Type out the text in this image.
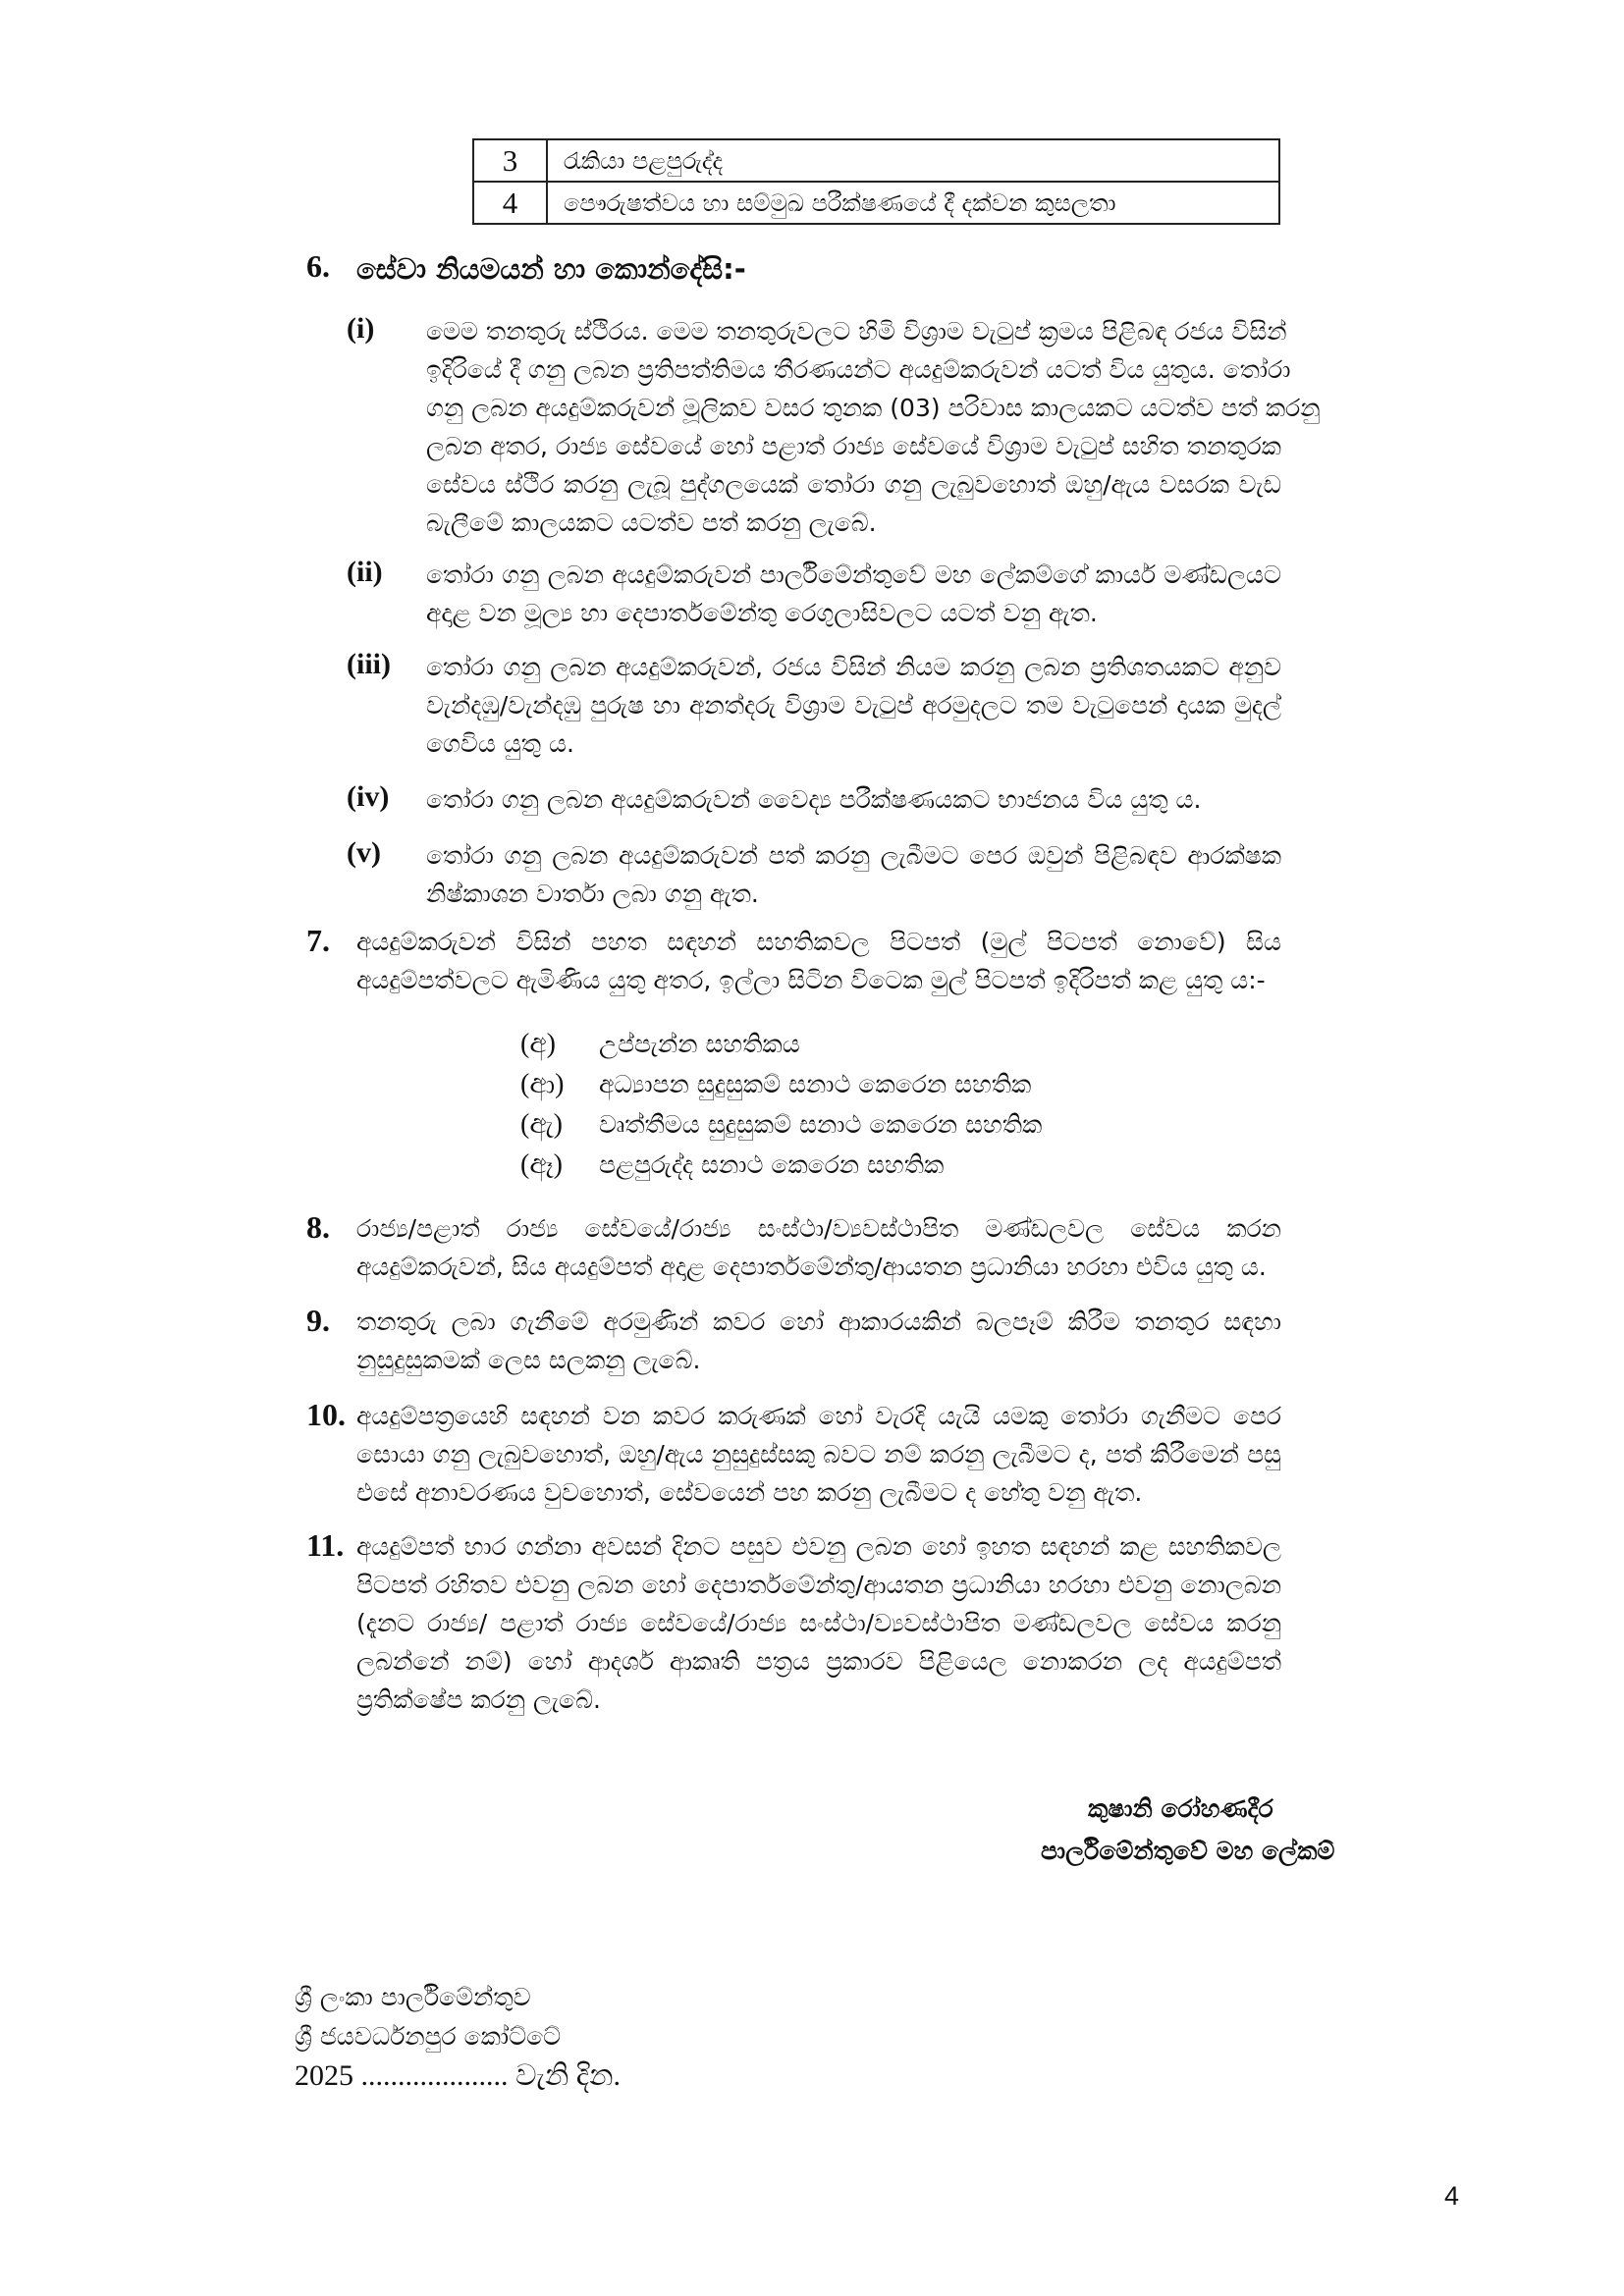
3	රැකියා පළපුරුද්ද
4	පෞරුෂත්වය හා සම්මුඛ පරීක්ෂණයේ දී දක්වන කුසලතා
6. සේවා නියමයන් හා කොන්දේසි:-
(i) මෙම තනතුරු ස්ථිරය. මෙම තනතුරුවලට හිමි විශ්‍රාම වැටුප් ක්‍රමය පිළිබඳ රජය විසින්
ඉදිරියේ දී ගනු ලබන ප්‍රතිපත්තිමය තීරණයන්ට අයදුම්කරුවන් යටත් විය යුතුය. තෝරා
ගනු ලබන අයදුම්කරුවන් මූලිකව වසර තුනක (03) පරිවාස කාලයකට යටත්ව පත් කරනු
ලබන අතර, රාජ්‍ය සේවයේ හෝ පළාත් රාජ්‍ය සේවයේ විශ්‍රාම වැටුප් සහිත තනතුරක
සේවය ස්ථිර කරනු ලැබූ පුද්ගලයෙක් තෝරා ගනු ලැබුවහොත් ඔහු/ඇය වසරක වැඩ
බැලීමේ කාලයකට යටත්ව පත් කරනු ලැබේ.
(ii) තෝරා ගනු ලබන අයදුම්කරුවන් පාර්ලිමේන්තුවේ මහ ලේකම්ගේ කාර්ය මණ්ඩලයට
අදාළ වන මූල්‍ය හා දෙපාර්තමේන්තු රෙගුලාසිවලට යටත් වනු ඇත.
(iii) තෝරා ගනු ලබන අයදුම්කරුවන්, රජය විසින් නියම කරනු ලබන ප්‍රතිශතයකට අනුව
වැන්දඹු/වැන්දඹු පුරුෂ හා අනත්දරු විශ්‍රාම වැටුප් අරමුදලට තම වැටුපෙන් දායක මුදල්
ගෙවිය යුතු ය.
(iv) තෝරා ගනු ලබන අයදුම්කරුවන් වෛද්‍ය පරීක්ෂණයකට භාජනය විය යුතු ය.
(v) තෝරා ගනු ලබන අයදුම්කරුවන් පත් කරනු ලැබීමට පෙර ඔවුන් පිළිබඳව ආරක්ෂක
නිෂ්කාශන වාර්තා ලබා ගනු ඇත.
7. අයදුම්කරුවන් විසින් පහත සඳහන් සහතිකවල පිටපත් (මුල් පිටපත් නොවේ) සිය
අයදුම්පත්වලට ඇමිණිය යුතු අතර, ඉල්ලා සිටින විටෙක මුල් පිටපත් ඉදිරිපත් කළ යුතු ය:-
(අ) උප්පැන්න සහතිකය
(ආ) අධ්‍යාපන සුදුසුකම් සනාථ කෙරෙන සහතික
(ඇ) වෘත්තීමය සුදුසුකම් සනාථ කෙරෙන සහතික
(ඈ) පළපුරුද්ද සනාථ කෙරෙන සහතික
8. රාජ්‍ය/පළාත් රාජ්‍ය සේවයේ/රාජ්‍ය සංස්ථා/ව්‍යවස්ථාපිත මණ්ඩලවල සේවය කරන
අයදුම්කරුවන්, සිය අයදුම්පත් අදාළ දෙපාර්තමේන්තු/ආයතන ප්‍රධානියා හරහා එවිය යුතු ය.
9. තනතුරු ලබා ගැනීමේ අරමුණින් කවර හෝ ආකාරයකින් බලපෑම් කිරීම තනතුර සඳහා
නුසුදුසුකමක් ලෙස සලකනු ලැබේ.
10. අයදුම්පත්‍රයෙහි සඳහන් වන කවර කරුණක් හෝ වැරදි යැයි යමකු තෝරා ගැනීමට පෙර
සොයා ගනු ලැබුවහොත්, ඔහු/ඇය නුසුදුස්සකු බවට නම් කරනු ලැබීමට ද, පත් කිරීමෙන් පසු
එසේ අනාවරණය වුවහොත්, සේවයෙන් පහ කරනු ලැබීමට ද හේතු වනු ඇත.
11. අයදුම්පත් භාර ගන්නා අවසන් දිනට පසුව එවනු ලබන හෝ ඉහත සඳහන් කළ සහතිකවල
පිටපත් රහිතව එවනු ලබන හෝ දෙපාර්තමේන්තු/ආයතන ප්‍රධානියා හරහා එවනු නොලබන
(දැනට රාජ්‍ය/ පළාත් රාජ්‍ය සේවයේ/රාජ්‍ය සංස්ථා/ව්‍යවස්ථාපිත මණ්ඩලවල සේවය කරනු
ලබන්නේ නම්) හෝ ආදර්ශ ආකෘති පත්‍රය ප්‍රකාරව පිළියෙල නොකරන ලද අයදුම්පත්
ප්‍රතික්ෂේප කරනු ලැබේ.
කුෂානි රෝහණදීර
පාර්ලිමේන්තුවේ මහ ලේකම්
ශ්‍රී ලංකා පාර්ලිමේන්තුව
ශ්‍රී ජයවර්ධනපුර කෝට්ටේ
2025 .................... වැනි දින.
4
